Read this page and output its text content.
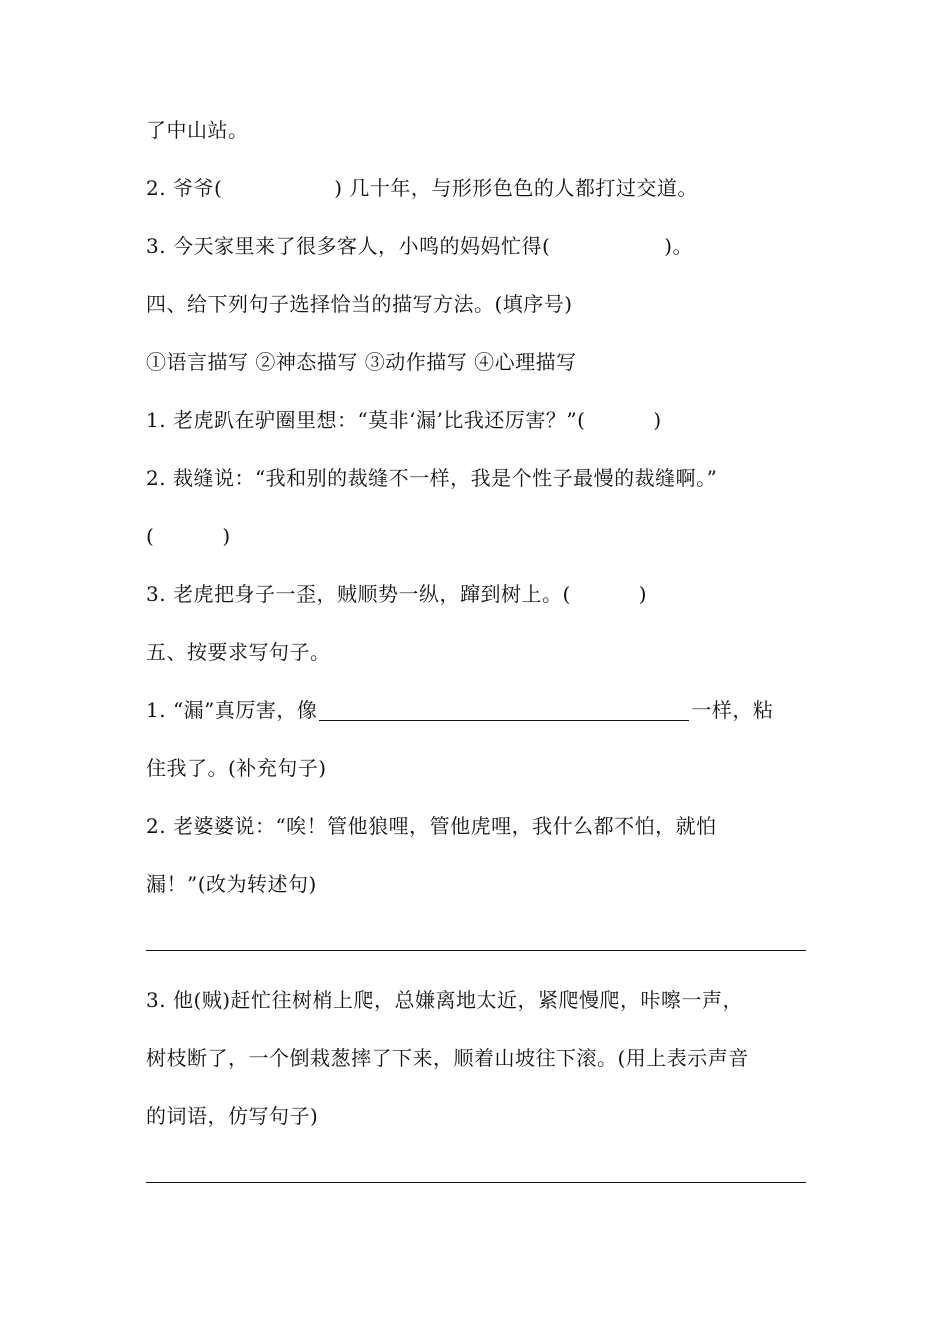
了中山站。
2. 爷爷(	) 几十年，与形形色色的人都打过交道。
3. 今天家里来了很多客人，小鸣的妈妈忙得(	)。
四、给下列句子选择恰当的描写方法。(填序号)
①语言描写 ②神态描写 ③动作描写 ④心理描写
1. 老虎趴在驴圈里想：“莫非‘漏’比我还厉害？”(	)
2. 裁缝说：“我和别的裁缝不一样，我是个性子最慢的裁缝啊。”
(	)
3. 老虎把身子一歪，贼顺势一纵，蹿到树上。(	)
五、按要求写句子。
1. “漏”真厉害，像	一样，粘
住我了。(补充句子)
2. 老婆婆说：“唉！管他狼哩，管他虎哩，我什么都不怕，就怕
漏！”(改为转述句)
3. 他(贼)赶忙往树梢上爬，总嫌离地太近，紧爬慢爬，咔嚓一声，
树枝断了，一个倒栽葱摔了下来，顺着山坡往下滚。(用上表示声音
的词语，仿写句子)
